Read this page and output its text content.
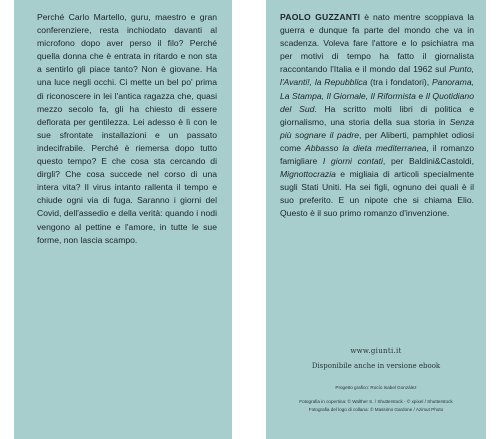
Perché Carlo Martello, guru, maestro e gran conferenziere, resta inchiodato davanti al microfono dopo aver perso il filo? Perché quella donna che è entrata in ritardo e non sta a sentirlo gli piace tanto? Non è giovane. Ha una luce negli occhi. Ci mette un bel po' prima di riconoscere in lei l'antica ragazza che, quasi mezzo secolo fa, gli ha chiesto di essere deflorata per gentilezza. Lei adesso è lì con le sue sfrontate installazioni e un passato indecifrabile. Perché è riemersa dopo tutto questo tempo? E che cosa sta cercando di dirgli? Che cosa succede nel corso di una intera vita? Il virus intanto rallenta il tempo e chiude ogni via di fuga. Saranno i giorni del Covid, dell'assedio e della verità: quando i nodi vengono al pettine e l'amore, in tutte le sue forme, non lascia scampo.

PAOLO GUZZANTI è nato mentre scoppiava la guerra e dunque fa parte del mondo che va in scadenza. Voleva fare l'attore e lo psichiatra ma per motivi di tempo ha fatto il giornalista raccontando l'Italia e il mondo dal 1962 sul Punto, l'Avanti!, la Repubblica (tra i fondatori), Panorama, La Stampa, Il Giornale, Il Riformista e Il Quotidiano del Sud. Ha scritto molti libri di politica e giornalismo, una storia della sua storia in Senza più sognare il padre, per Aliberti, pamphlet odiosi come Abbasso la dieta mediterranea, il romanzo famigliare I giorni contati, per Baldini&Castoldi, Mignottocrazia e migliaia di articoli specialmente sugli Stati Uniti. Ha sei figli, ognuno dei quali è il suo preferito. E un nipote che si chiama Elio. Questo è il suo primo romanzo d'invenzione.

www.giunti.it
Disponibile anche in versione ebook
Progetto grafico: Rocío Isabel González
Fotografia in copertina: © Walther S. / Shutterstock - © xpixel / Shutterstock
Fotografia del logo di collana: © Massimo Gardone / Azimut Photo
